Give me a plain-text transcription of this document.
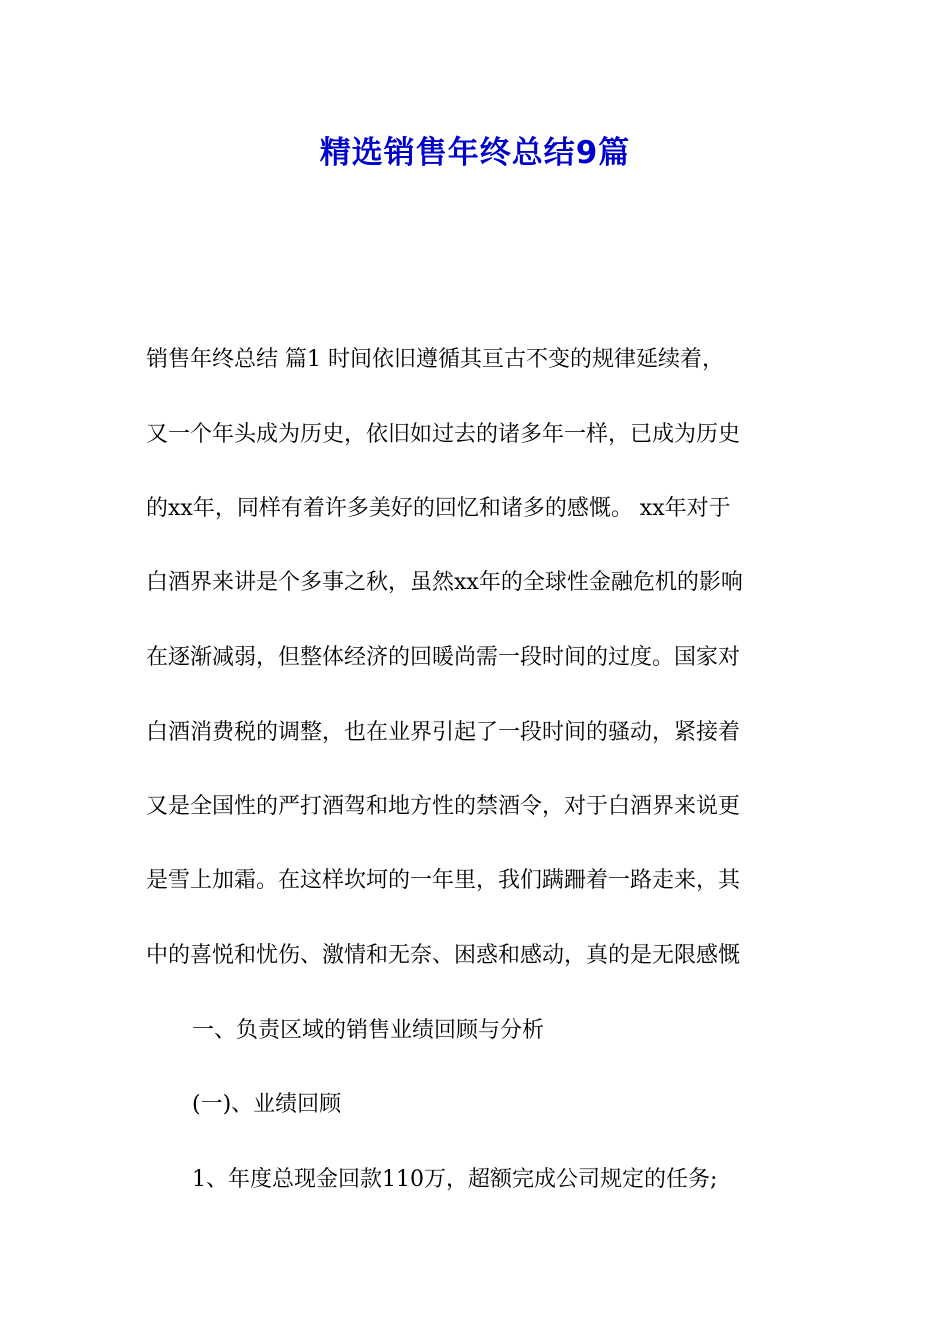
精选销售年终总结9篇

销售年终总结 篇1 时间依旧遵循其亘古不变的规律延续着，

又一个年头成为历史，依旧如过去的诸多年一样，已成为历史

的xx年，同样有着许多美好的回忆和诸多的感慨。 xx年对于

白酒界来讲是个多事之秋，虽然xx年的全球性金融危机的影响

在逐渐减弱，但整体经济的回暖尚需一段时间的过度。国家对

白酒消费税的调整，也在业界引起了一段时间的骚动，紧接着

又是全国性的严打酒驾和地方性的禁酒令，对于白酒界来说更

是雪上加霜。在这样坎坷的一年里，我们蹒跚着一路走来，其

中的喜悦和忧伤、激情和无奈、困惑和感动，真的是无限感慨

一、负责区域的销售业绩回顾与分析

(一)、业绩回顾

1、年度总现金回款110万，超额完成公司规定的任务;
